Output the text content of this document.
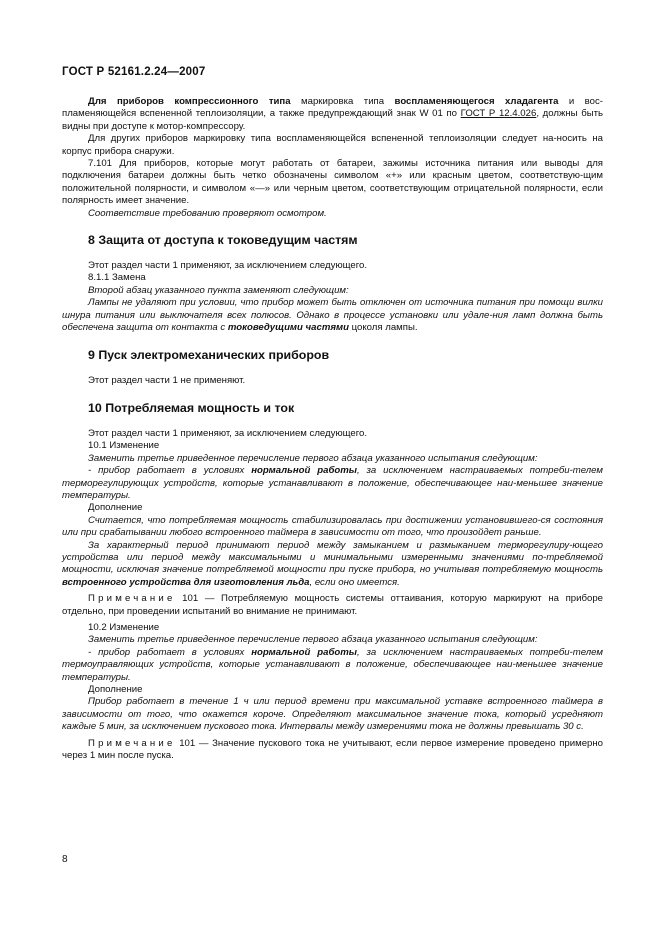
ГОСТ Р 52161.2.24—2007

Для приборов компрессионного типа маркировка типа воспламеняющегося хладагента и вос-пламеняющейся вспененной теплоизоляции, а также предупреждающий знак W 01 по ГОСТ Р 12.4.026, должны быть видны при доступе к мотор-компрессору.

Для других приборов маркировку типа воспламеняющейся вспененной теплоизоляции следует на-носить на корпус прибора снаружи.

7.101 Для приборов, которые могут работать от батареи, зажимы источника питания или выводы для подключения батареи должны быть четко обозначены символом «+» или красным цветом, соответствую-щим положительной полярности, и символом «—» или черным цветом, соответствующим отрицательной полярности, если полярность имеет значение.

Соответствие требованию проверяют осмотром.

8 Защита от доступа к токоведущим частям

Этот раздел части 1 применяют, за исключением следующего.

8.1.1 Замена

Второй абзац указанного пункта заменяют следующим:

Лампы не удаляют при условии, что прибор может быть отключен от источника питания при помощи вилки шнура питания или выключателя всех полюсов. Однако в процессе установки или удале-ния ламп должна быть обеспечена защита от контакта с токоведущими частями цоколя лампы.

9 Пуск электромеханических приборов

Этот раздел части 1 не применяют.

10 Потребляемая мощность и ток

Этот раздел части 1 применяют, за исключением следующего.

10.1 Изменение

Заменить третье приведенное перечисление первого абзаца указанного испытания следующим:

- прибор работает в условиях нормальной работы, за исключением настраиваемых потреби-телем терморегулирующих устройств, которые устанавливают в положение, обеспечивающее наи-меньшее значение температуры.

Дополнение

Считается, что потребляемая мощность стабилизировалась при достижении установившего-ся состояния или при срабатывании любого встроенного таймера в зависимости от того, что произойдет раньше.

За характерный период принимают период между замыканием и размыканием терморегулиру-ющего устройства или период между максимальными и минимальными измеренными значениями по-требляемой мощности, исключая значение потребляемой мощности при пуске прибора, но учитывая потребляемую мощность встроенного устройства для изготовления льда, если оно имеется.

Примечание 101 — Потребляемую мощность системы оттаивания, которую маркируют на приборе отдельно, при проведении испытаний во внимание не принимают.

10.2 Изменение

Заменить третье приведенное перечисление первого абзаца указанного испытания следующим:

- прибор работает в условиях нормальной работы, за исключением настраиваемых потреби-телем термоуправляющих устройств, которые устанавливают в положение, обеспечивающее наи-меньшее значение температуры.

Дополнение

Прибор работает в течение 1 ч или период времени при максимальной уставке встроенного таймера в зависимости от того, что окажется короче. Определяют максимальное значение тока, который усредняют каждые 5 мин, за исключением пускового тока. Интервалы между измерениями тока не должны превышать 30 с.

Примечание 101 — Значение пускового тока не учитывают, если первое измерение проведено примерно через 1 мин после пуска.

8
